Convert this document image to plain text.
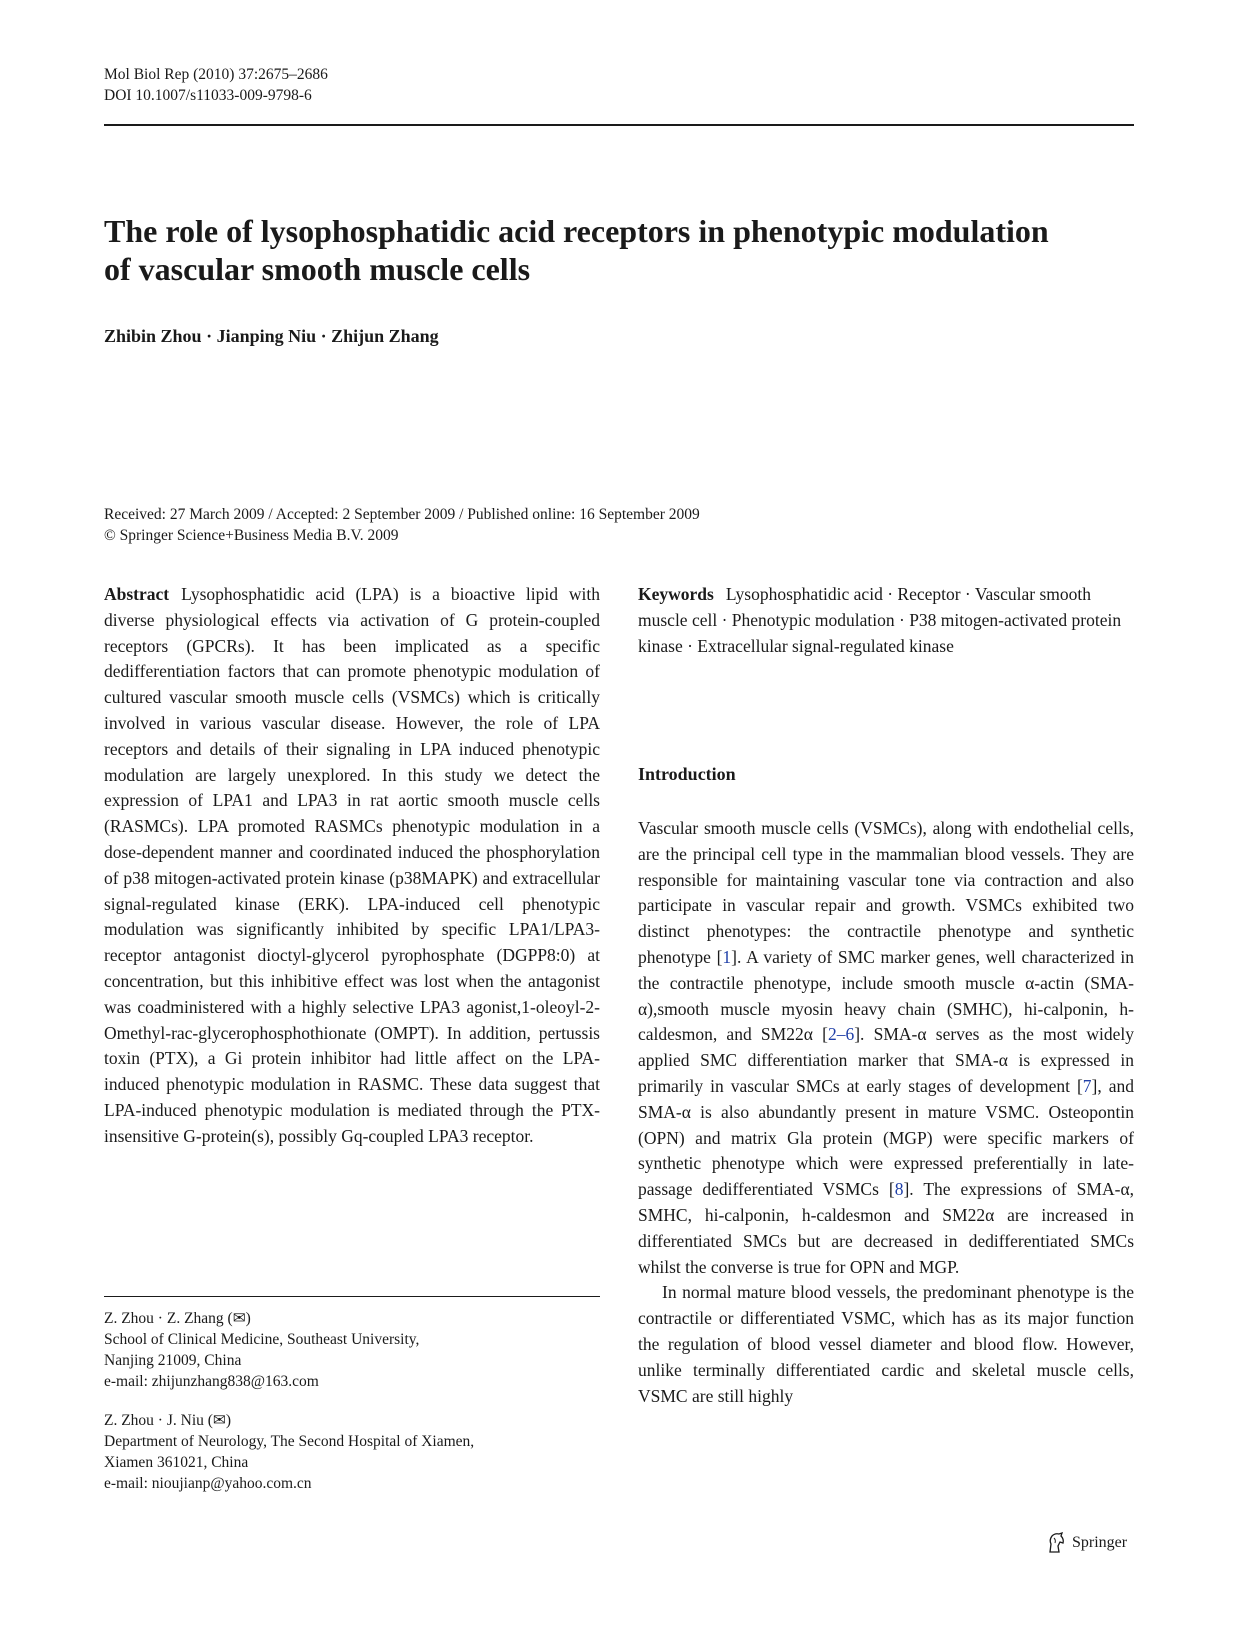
Mol Biol Rep (2010) 37:2675–2686
DOI 10.1007/s11033-009-9798-6
The role of lysophosphatidic acid receptors in phenotypic modulation of vascular smooth muscle cells
Zhibin Zhou · Jianping Niu · Zhijun Zhang
Received: 27 March 2009 / Accepted: 2 September 2009 / Published online: 16 September 2009
© Springer Science+Business Media B.V. 2009
Abstract Lysophosphatidic acid (LPA) is a bioactive lipid with diverse physiological effects via activation of G protein-coupled receptors (GPCRs). It has been implicated as a specific dedifferentiation factors that can promote phenotypic modulation of cultured vascular smooth muscle cells (VSMCs) which is critically involved in various vascular disease. However, the role of LPA receptors and details of their signaling in LPA induced phenotypic modulation are largely unexplored. In this study we detect the expression of LPA1 and LPA3 in rat aortic smooth muscle cells (RASMCs). LPA promoted RASMCs phenotypic modulation in a dose-dependent manner and coordinated induced the phosphorylation of p38 mitogen-activated protein kinase (p38MAPK) and extracellular signal-regulated kinase (ERK). LPA-induced cell phenotypic modulation was significantly inhibited by specific LPA1/LPA3-receptor antagonist dioctyl-glycerol pyrophosphate (DGPP8:0) at concentration, but this inhibitive effect was lost when the antagonist was coadministered with a highly selective LPA3 agonist,1-oleoyl-2-Omethyl-rac-glycerophosphothionate (OMPT). In addition, pertussis toxin (PTX), a Gi protein inhibitor had little affect on the LPA-induced phenotypic modulation in RASMC. These data suggest that LPA-induced phenotypic modulation is mediated through the PTX-insensitive G-protein(s), possibly Gq-coupled LPA3 receptor.
Z. Zhou · Z. Zhang (✉)
School of Clinical Medicine, Southeast University,
Nanjing 21009, China
e-mail: zhijunzhang838@163.com
Z. Zhou · J. Niu (✉)
Department of Neurology, The Second Hospital of Xiamen,
Xiamen 361021, China
e-mail: nioujianp@yahoo.com.cn
Keywords Lysophosphatidic acid · Receptor · Vascular smooth muscle cell · Phenotypic modulation · P38 mitogen-activated protein kinase · Extracellular signal-regulated kinase
Introduction

Vascular smooth muscle cells (VSMCs), along with endothelial cells, are the principal cell type in the mammalian blood vessels. They are responsible for maintaining vascular tone via contraction and also participate in vascular repair and growth. VSMCs exhibited two distinct phenotypes: the contractile phenotype and synthetic phenotype [1]. A variety of SMC marker genes, well characterized in the contractile phenotype, include smooth muscle α-actin (SMA-α),smooth muscle myosin heavy chain (SMHC), hi-calponin, h-caldesmon, and SM22α [2–6]. SMA-α serves as the most widely applied SMC differentiation marker that SMA-α is expressed in primarily in vascular SMCs at early stages of development [7], and SMA-α is also abundantly present in mature VSMC. Osteopontin (OPN) and matrix Gla protein (MGP) were specific markers of synthetic phenotype which were expressed preferentially in late-passage dedifferentiated VSMCs [8]. The expressions of SMA-α, SMHC, hi-calponin, h-caldesmon and SM22α are increased in differentiated SMCs but are decreased in dedifferentiated SMCs whilst the converse is true for OPN and MGP.

In normal mature blood vessels, the predominant phenotype is the contractile or differentiated VSMC, which has as its major function the regulation of blood vessel diameter and blood flow. However, unlike terminally differentiated cardic and skeletal muscle cells, VSMC are still highly

Springer
